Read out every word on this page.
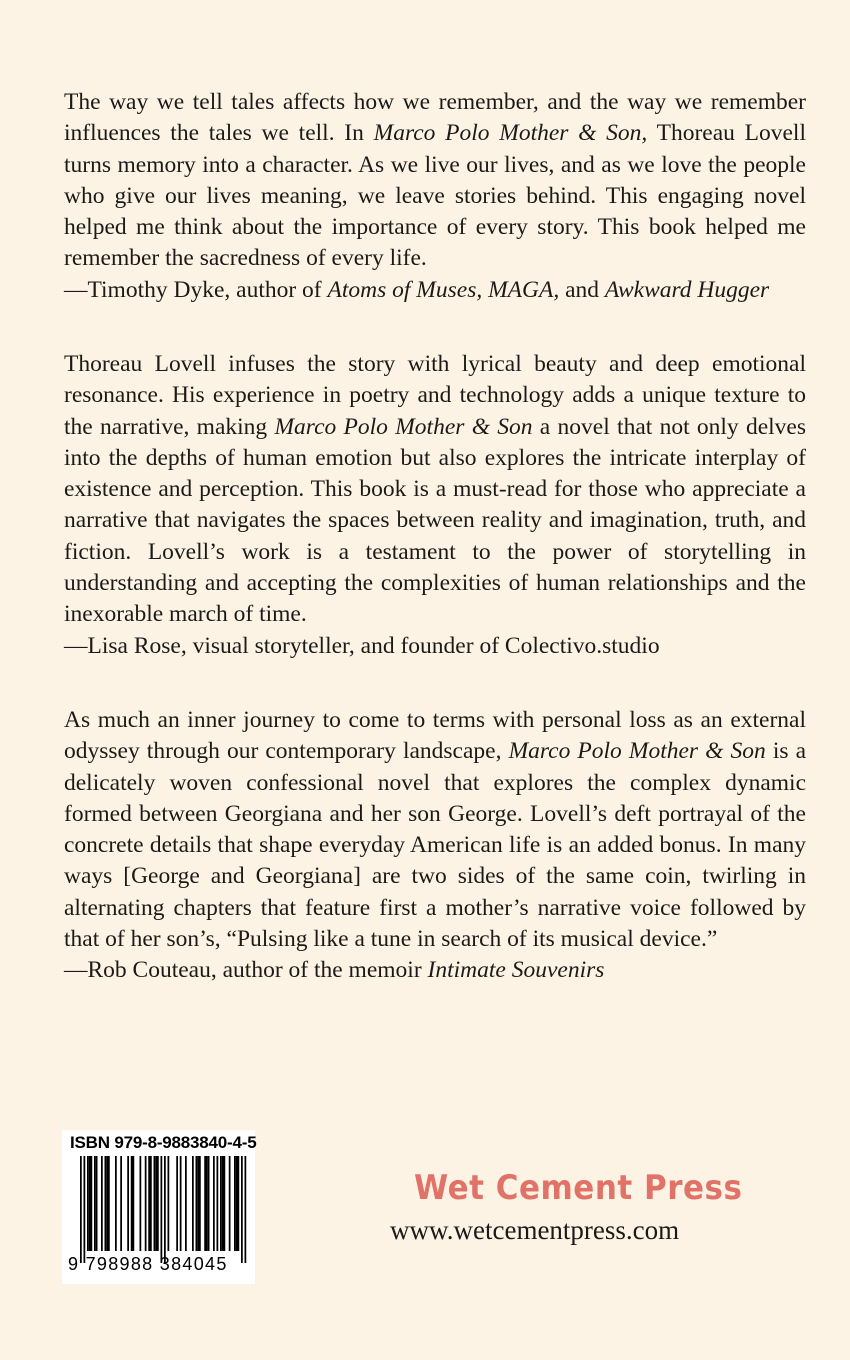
The way we tell tales affects how we remember, and the way we remember influences the tales we tell. In Marco Polo Mother & Son, Thoreau Lovell turns memory into a character. As we live our lives, and as we love the people who give our lives meaning, we leave stories behind. This engaging novel helped me think about the importance of every story. This book helped me remember the sacredness of every life.
—Timothy Dyke, author of Atoms of Muses, MAGA, and Awkward Hugger
Thoreau Lovell infuses the story with lyrical beauty and deep emotional resonance. His experience in poetry and technology adds a unique texture to the narrative, making Marco Polo Mother & Son a novel that not only delves into the depths of human emotion but also explores the intricate interplay of existence and perception. This book is a must-read for those who appreciate a narrative that navigates the spaces between reality and imagination, truth, and fiction. Lovell’s work is a testament to the power of storytelling in understanding and accepting the complexities of human relationships and the inexorable march of time.
—Lisa Rose, visual storyteller, and founder of Colectivo.studio
As much an inner journey to come to terms with personal loss as an external odyssey through our contemporary landscape, Marco Polo Mother & Son is a delicately woven confessional novel that explores the complex dynamic formed between Georgiana and her son George. Lovell’s deft portrayal of the concrete details that shape everyday American life is an added bonus. In many ways [George and Georgiana] are two sides of the same coin, twirling in alternating chapters that feature first a mother’s narrative voice followed by that of her son’s, “Pulsing like a tune in search of its musical device.”
—Rob Couteau, author of the memoir Intimate Souvenirs
ISBN 979-8-9883840-4-5
9 798988 384045
Wet Cement Press
www.wetcementpress.com
